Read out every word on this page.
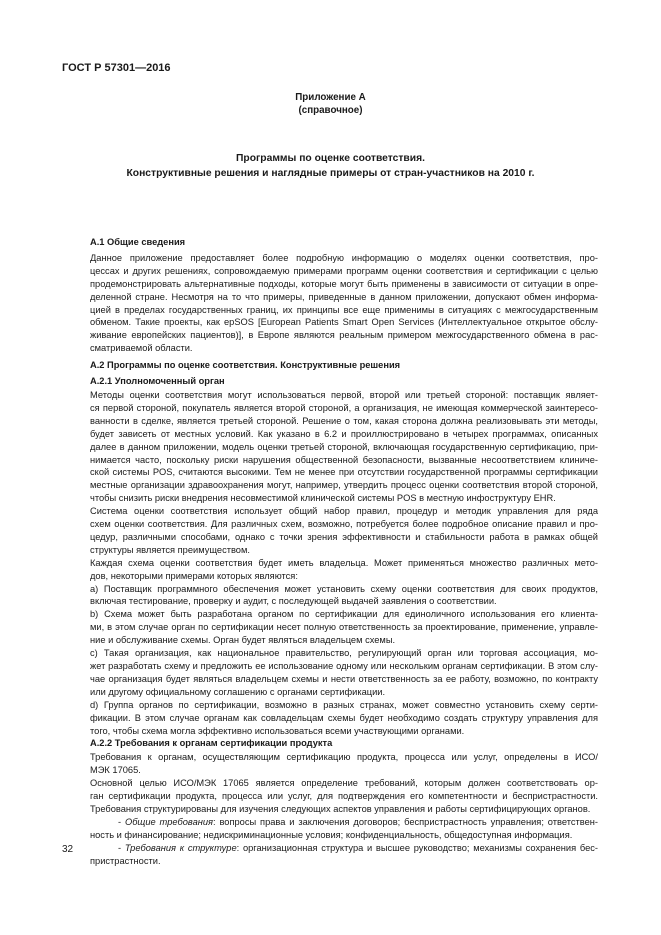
ГОСТ Р 57301—2016
Приложение А
(справочное)
Программы по оценке соответствия.
Конструктивные решения и наглядные примеры от стран-участников на 2010 г.
А.1 Общие сведения
Данное приложение предоставляет более подробную информацию о моделях оценки соответствия, про-
цессах и других решениях, сопровождаемую примерами программ оценки соответствия и сертификации с целью
продемонстрировать альтернативные подходы, которые могут быть применены в зависимости от ситуации в опре-
деленной стране. Несмотря на то что примеры, приведенные в данном приложении, допускают обмен информа-
цией в пределах государственных границ, их принципы все еще применимы в ситуациях с межгосударственным
обменом. Такие проекты, как epSOS [European Patients Smart Open Services (Интеллектуальное открытое обслу-
живание европейских пациентов)], в Европе являются реальным примером межгосударственного обмена в рас-
сматриваемой области.
А.2 Программы по оценке соответствия. Конструктивные решения
А.2.1 Уполномоченный орган
Методы оценки соответствия могут использоваться первой, второй или третьей стороной: поставщик являет-
ся первой стороной, покупатель является второй стороной, а организация, не имеющая коммерческой заинтересо-
ванности в сделке, является третьей стороной. Решение о том, какая сторона должна реализовывать эти методы,
будет зависеть от местных условий. Как указано в 6.2 и проиллюстрировано в четырех программах, описанных
далее в данном приложении, модель оценки третьей стороной, включающая государственную сертификацию, при-
нимается часто, поскольку риски нарушения общественной безопасности, вызванные несоответствием клиниче-
ской системы POS, считаются высокими. Тем не менее при отсутствии государственной программы сертификации
местные организации здравоохранения могут, например, утвердить процесс оценки соответствия второй стороной,
чтобы снизить риски внедрения несовместимой клинической системы POS в местную инфоструктуру EHR.
Система оценки соответствия использует общий набор правил, процедур и методик управления для ряда
схем оценки соответствия. Для различных схем, возможно, потребуется более подробное описание правил и про-
цедур, различными способами, однако с точки зрения эффективности и стабильности работа в рамках общей
структуры является преимуществом.
Каждая схема оценки соответствия будет иметь владельца. Может применяться множество различных мето-
дов, некоторыми примерами которых являются:
a) Поставщик программного обеспечения может установить схему оценки соответствия для своих продуктов,
включая тестирование, проверку и аудит, с последующей выдачей заявления о соответствии.
b) Схема может быть разработана органом по сертификации для единоличного использования его клиента-
ми, в этом случае орган по сертификации несет полную ответственность за проектирование, применение, управле-
ние и обслуживание схемы. Орган будет являться владельцем схемы.
c) Такая организация, как национальное правительство, регулирующий орган или торговая ассоциация, мо-
жет разработать схему и предложить ее использование одному или нескольким органам сертификации. В этом слу-
чае организация будет являться владельцем схемы и нести ответственность за ее работу, возможно, по контракту
или другому официальному соглашению с органами сертификации.
d) Группа органов по сертификации, возможно в разных странах, может совместно установить схему серти-
фикации. В этом случае органам как совладельцам схемы будет необходимо создать структуру управления для
того, чтобы схема могла эффективно использоваться всеми участвующими органами.
А.2.2 Требования к органам сертификации продукта
Требования к органам, осуществляющим сертификацию продукта, процесса или услуг, определены в ИСО/
МЭК 17065.
Основной целью ИСО/МЭК 17065 является определение требований, которым должен соответствовать ор-
ган сертификации продукта, процесса или услуг, для подтверждения его компетентности и беспристрастности.
Требования структурированы для изучения следующих аспектов управления и работы сертифицирующих органов.
- Общие требования: вопросы права и заключения договоров; беспристрастность управления; ответствен-
ность и финансирование; недискриминационные условия; конфиденциальность, общедоступная информация.
- Требования к структуре: организационная структура и высшее руководство; механизмы сохранения бес-
пристрастности.
32
